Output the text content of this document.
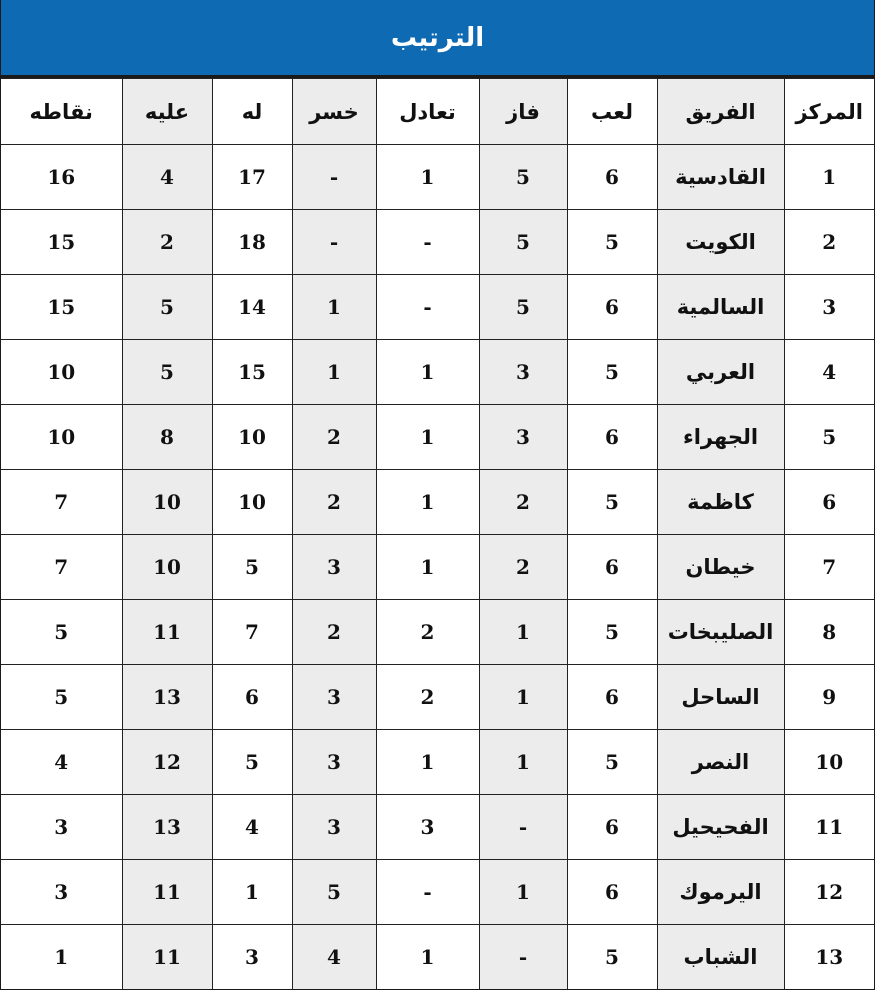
الترتيب
المركز	الفريق	لعب	فاز	تعادل	خسر	له	عليه	نقاطه
1	القادسية	6	5	1	-	17	4	16
2	الكويت	5	5	-	-	18	2	15
3	السالمية	6	5	-	1	14	5	15
4	العربي	5	3	1	1	15	5	10
5	الجهراء	6	3	1	2	10	8	10
6	كاظمة	5	2	1	2	10	10	7
7	خيطان	6	2	1	3	5	10	7
8	الصليبخات	5	1	2	2	7	11	5
9	الساحل	6	1	2	3	6	13	5
10	النصر	5	1	1	3	5	12	4
11	الفحيحيل	6	-	3	3	4	13	3
12	اليرموك	6	1	-	5	1	11	3
13	الشباب	5	-	1	4	3	11	1
